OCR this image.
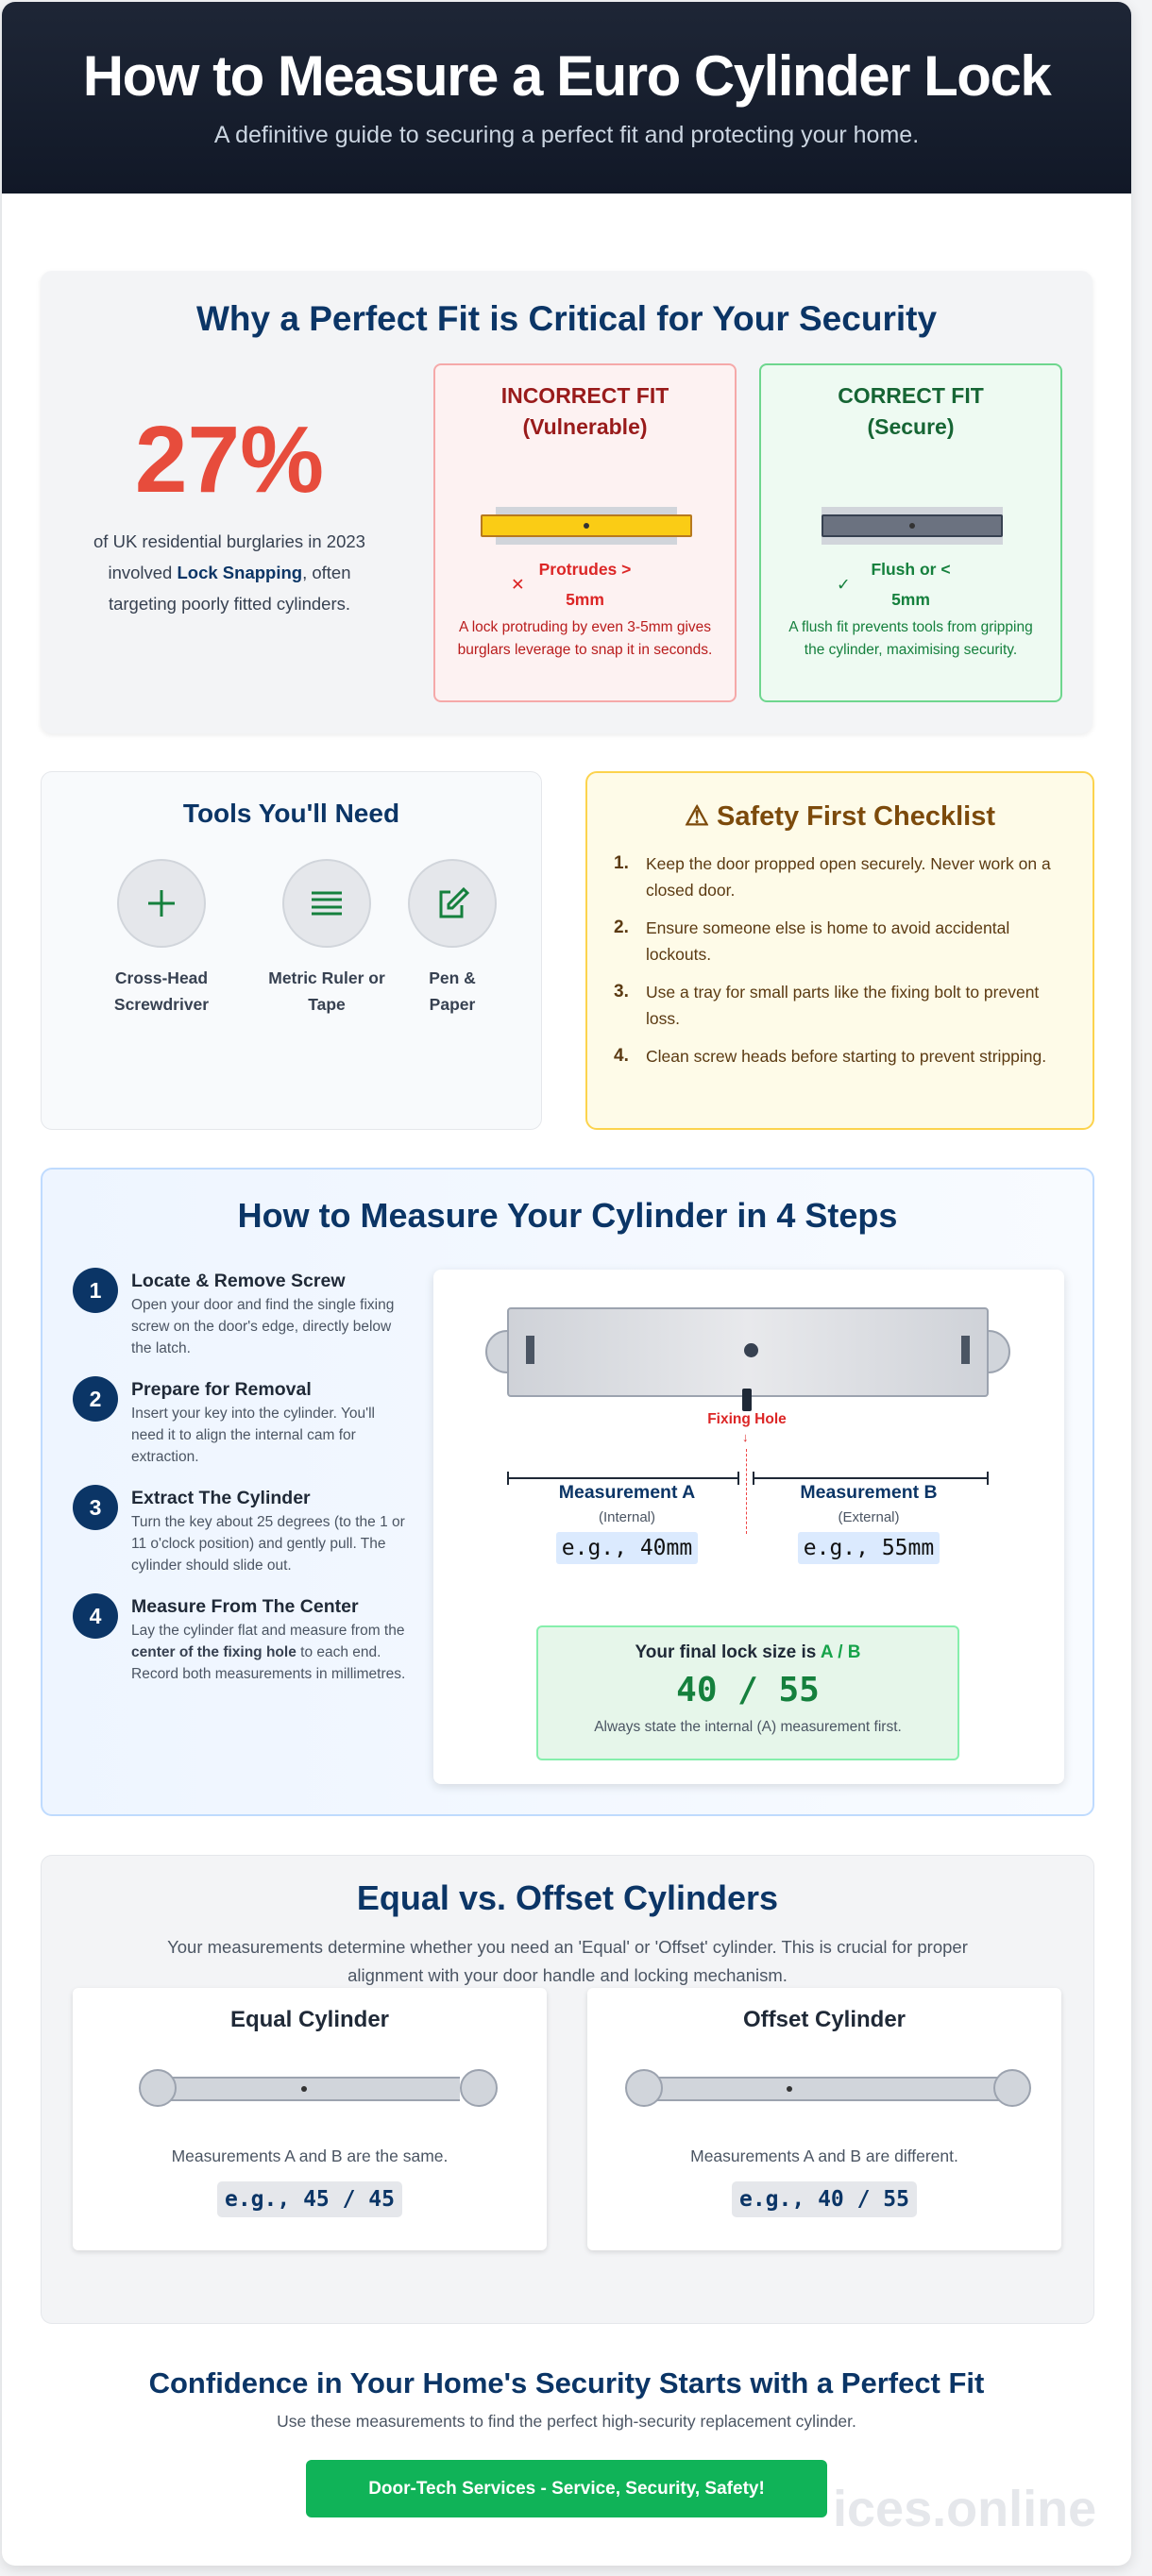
How to Measure a Euro Cylinder Lock

A definitive guide to securing a perfect fit and protecting your home.

Why a Perfect Fit is Critical for Your Security
27%

of UK residential burglaries in 2023 involved Lock Snapping, often targeting poorly fitted cylinders.

INCORRECT FIT
(Vulnerable)
✕
Protrudes >
5mm
A lock protruding by even 3-5mm gives burglars leverage to snap it in seconds.
CORRECT FIT
(Secure)
✓
Flush or <
5mm
A flush fit prevents tools from gripping the cylinder, maximising security.
Tools You'll Need
Cross-Head
Screwdriver
Metric Ruler or
Tape
Pen &
Paper
⚠ Safety First Checklist
1.	Keep the door propped open securely. Never work on a closed door.
2.	Ensure someone else is home to avoid accidental lockouts.
3.	Use a tray for small parts like the fixing bolt to prevent loss.
4.	Clean screw heads before starting to prevent stripping.
How to Measure Your Cylinder in 4 Steps
1	Locate & Remove Screw

Open your door and find the single fixing screw on the door's edge, directly below the latch.

2	Prepare for Removal

Insert your key into the cylinder. You'll need it to align the internal cam for extraction.

3	Extract The Cylinder

Turn the key about 25 degrees (to the 1 or 11 o'clock position) and gently pull. The cylinder should slide out.

4	Measure From The Center

Lay the cylinder flat and measure from the center of the fixing hole to each end. Record both measurements in millimetres.

Fixing Hole
↓
Measurement A
(Internal)
e.g., 40mm
Measurement B
(External)
e.g., 55mm
Your final lock size is A / B
40 / 55
Always state the internal (A) measurement first.
Equal vs. Offset Cylinders

Your measurements determine whether you need an 'Equal' or 'Offset' cylinder. This is crucial for proper alignment with your door handle and locking mechanism.

Equal Cylinder

Measurements A and B are the same.

e.g., 45 / 45
Offset Cylinder

Measurements A and B are different.

e.g., 40 / 55
ices.online
Confidence in Your Home's Security Starts with a Perfect Fit

Use these measurements to find the perfect high-security replacement cylinder.

Door-Tech Services - Service, Security, Safety!
